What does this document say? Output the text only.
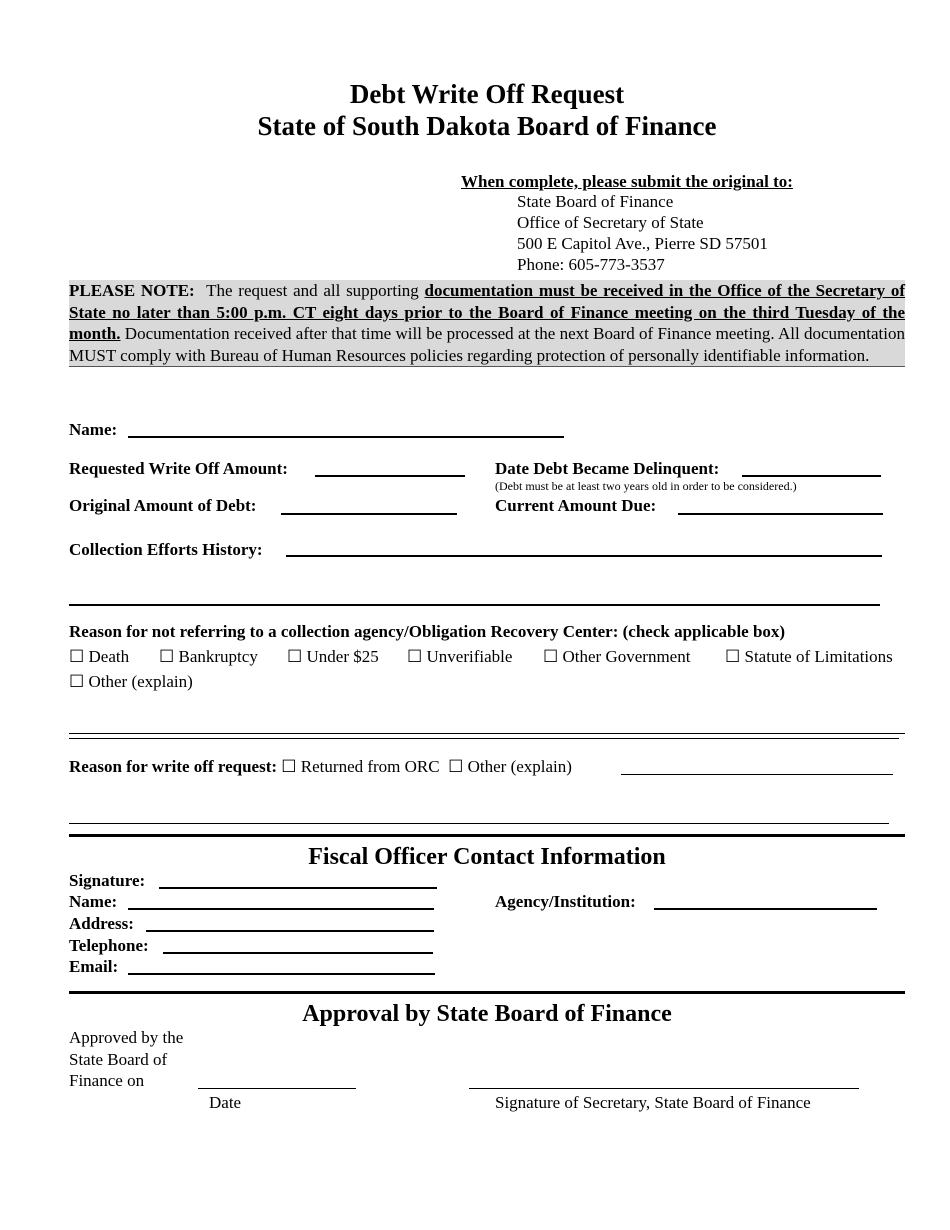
Debt Write Off Request
State of South Dakota Board of Finance
When complete, please submit the original to:
State Board of Finance
Office of Secretary of State
500 E Capitol Ave., Pierre SD 57501
Phone: 605-773-3537
PLEASE NOTE: The request and all supporting documentation must be received in the Office of the Secretary of State no later than 5:00 p.m. CT eight days prior to the Board of Finance meeting on the third Tuesday of the month. Documentation received after that time will be processed at the next Board of Finance meeting. All documentation MUST comply with Bureau of Human Resources policies regarding protection of personally identifiable information.
Name:
Requested Write Off Amount:	Date Debt Became Delinquent:
(Debt must be at least two years old in order to be considered.)
Original Amount of Debt:	Current Amount Due:
Collection Efforts History:
Reason for not referring to a collection agency/Obligation Recovery Center: (check applicable box)
☐ Death ☐ Bankruptcy ☐ Under $25 ☐ Unverifiable ☐ Other Government ☐ Statute of Limitations
☐ Other (explain)
Reason for write off request: ☐ Returned from ORC ☐ Other (explain)
Fiscal Officer Contact Information
Signature:
Name:	Agency/Institution:
Address:
Telephone:
Email:
Approval by State Board of Finance
Approved by the
State Board of
Finance on
Date	Signature of Secretary, State Board of Finance
